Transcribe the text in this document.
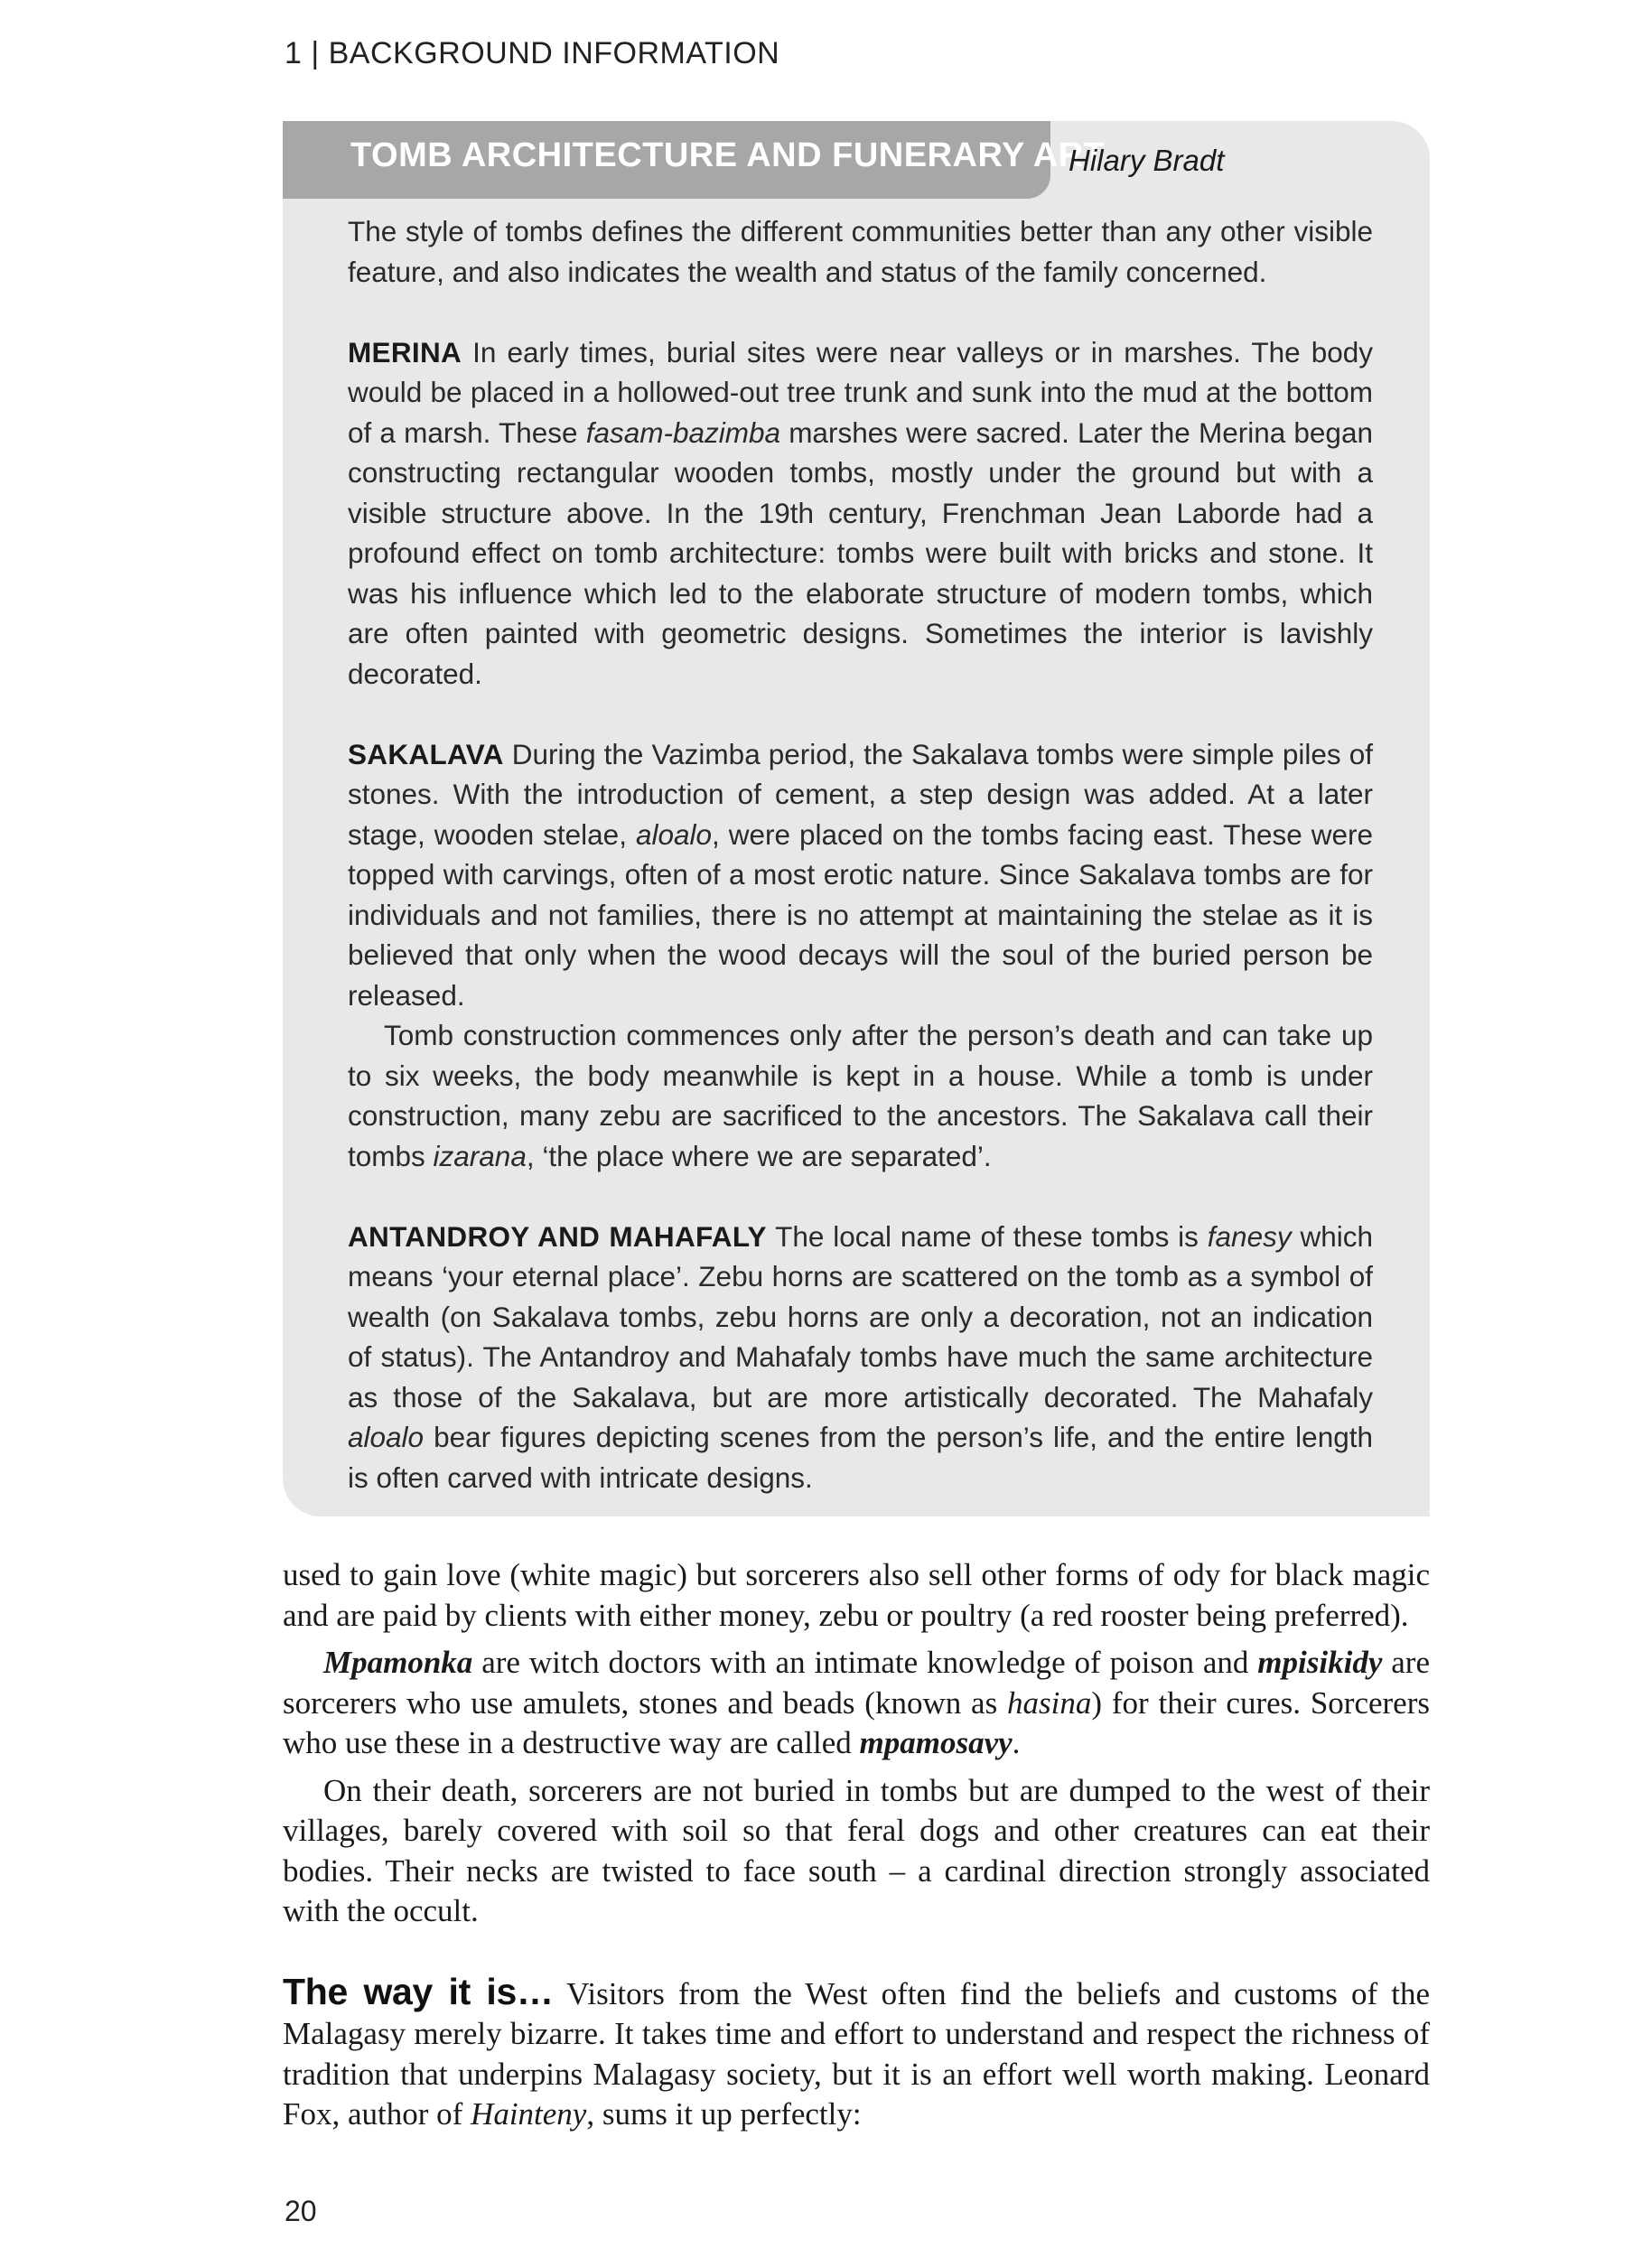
1 | BACKGROUND INFORMATION
TOMB ARCHITECTURE AND FUNERARY ART
Hilary Bradt

The style of tombs defines the different communities better than any other visible feature, and also indicates the wealth and status of the family concerned.

MERINA In early times, burial sites were near valleys or in marshes. The body would be placed in a hollowed-out tree trunk and sunk into the mud at the bottom of a marsh. These fasam-bazimba marshes were sacred. Later the Merina began constructing rectangular wooden tombs, mostly under the ground but with a visible structure above. In the 19th century, Frenchman Jean Laborde had a profound effect on tomb architecture: tombs were built with bricks and stone. It was his influence which led to the elaborate structure of modern tombs, which are often painted with geometric designs. Sometimes the interior is lavishly decorated.

SAKALAVA During the Vazimba period, the Sakalava tombs were simple piles of stones. With the introduction of cement, a step design was added. At a later stage, wooden stelae, aloalo, were placed on the tombs facing east. These were topped with carvings, often of a most erotic nature. Since Sakalava tombs are for individuals and not families, there is no attempt at maintaining the stelae as it is believed that only when the wood decays will the soul of the buried person be released.

Tomb construction commences only after the person’s death and can take up to six weeks, the body meanwhile is kept in a house. While a tomb is under construction, many zebu are sacrificed to the ancestors. The Sakalava call their tombs izarana, ‘the place where we are separated’.

ANTANDROY AND MAHAFALY The local name of these tombs is fanesy which means ‘your eternal place’. Zebu horns are scattered on the tomb as a symbol of wealth (on Sakalava tombs, zebu horns are only a decoration, not an indication of status). The Antandroy and Mahafaly tombs have much the same architecture as those of the Sakalava, but are more artistically decorated. The Mahafaly aloalo bear figures depicting scenes from the person’s life, and the entire length is often carved with intricate designs.

used to gain love (white magic) but sorcerers also sell other forms of ody for black magic and are paid by clients with either money, zebu or poultry (a red rooster being preferred).

Mpamonka are witch doctors with an intimate knowledge of poison and mpisikidy are sorcerers who use amulets, stones and beads (known as hasina) for their cures. Sorcerers who use these in a destructive way are called mpamosavy.

On their death, sorcerers are not buried in tombs but are dumped to the west of their villages, barely covered with soil so that feral dogs and other creatures can eat their bodies. Their necks are twisted to face south – a cardinal direction strongly associated with the occult.

The way it is… Visitors from the West often find the beliefs and customs of the Malagasy merely bizarre. It takes time and effort to understand and respect the richness of tradition that underpins Malagasy society, but it is an effort well worth making. Leonard Fox, author of Hainteny, sums it up perfectly:

20
